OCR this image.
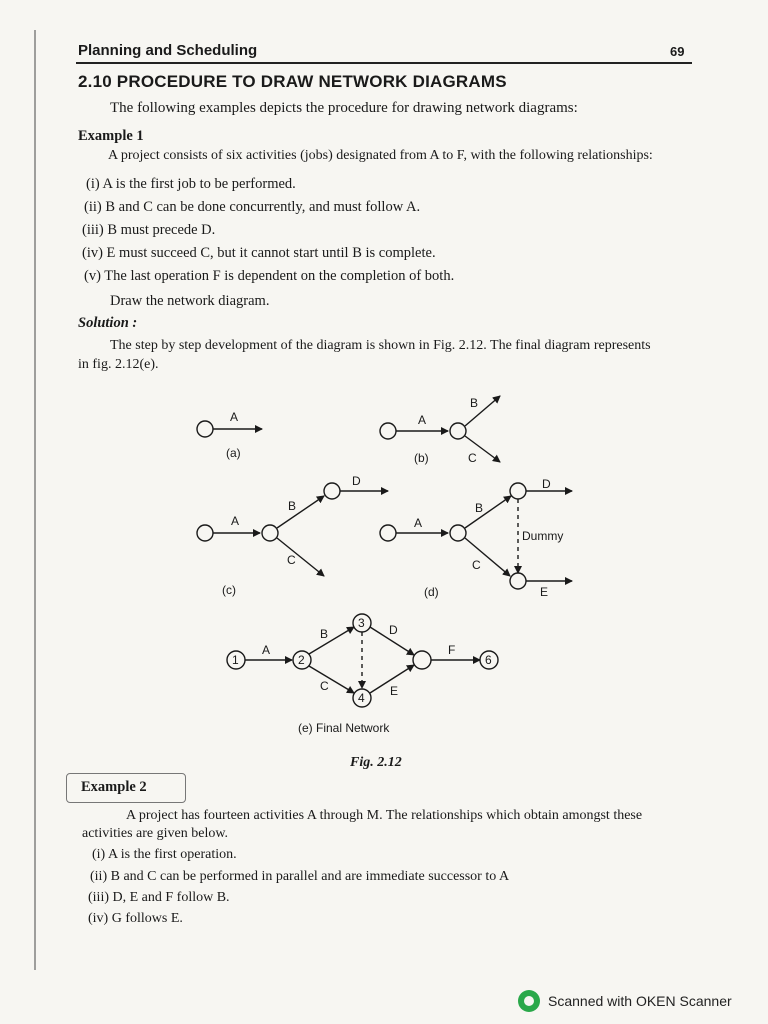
Planning and Scheduling	69
2.10 PROCEDURE TO DRAW NETWORK DIAGRAMS
The following examples depicts the procedure for drawing network diagrams:
Example 1
A project consists of six activities (jobs) designated from A to F, with the following relationships:
(i) A is the first job to be performed.
(ii) B and C can be done concurrently, and must follow A.
(iii) B must precede D.
(iv) E must succeed C, but it cannot start until B is complete.
(v) The last operation F is dependent on the completion of both.
Draw the network diagram.
Solution :
The step by step development of the diagram is shown in Fig. 2.12. The final diagram represents
in fig. 2.12(e).
A
(a)
A
B
C
(b)
A
B
C
D
(c)
A
B
C
D
E
Dummy
(d)
1	2
3
4
6
A
B
C
D
E
F
(e) Final Network
Fig. 2.12
Example 2
A project has fourteen activities A through M. The relationships which obtain amongst these
activities are given below.
(i) A is the first operation.
(ii) B and C can be performed in parallel and are immediate successor to A
(iii) D, E and F follow B.
(iv) G follows E.
Scanned with OKEN Scanner
